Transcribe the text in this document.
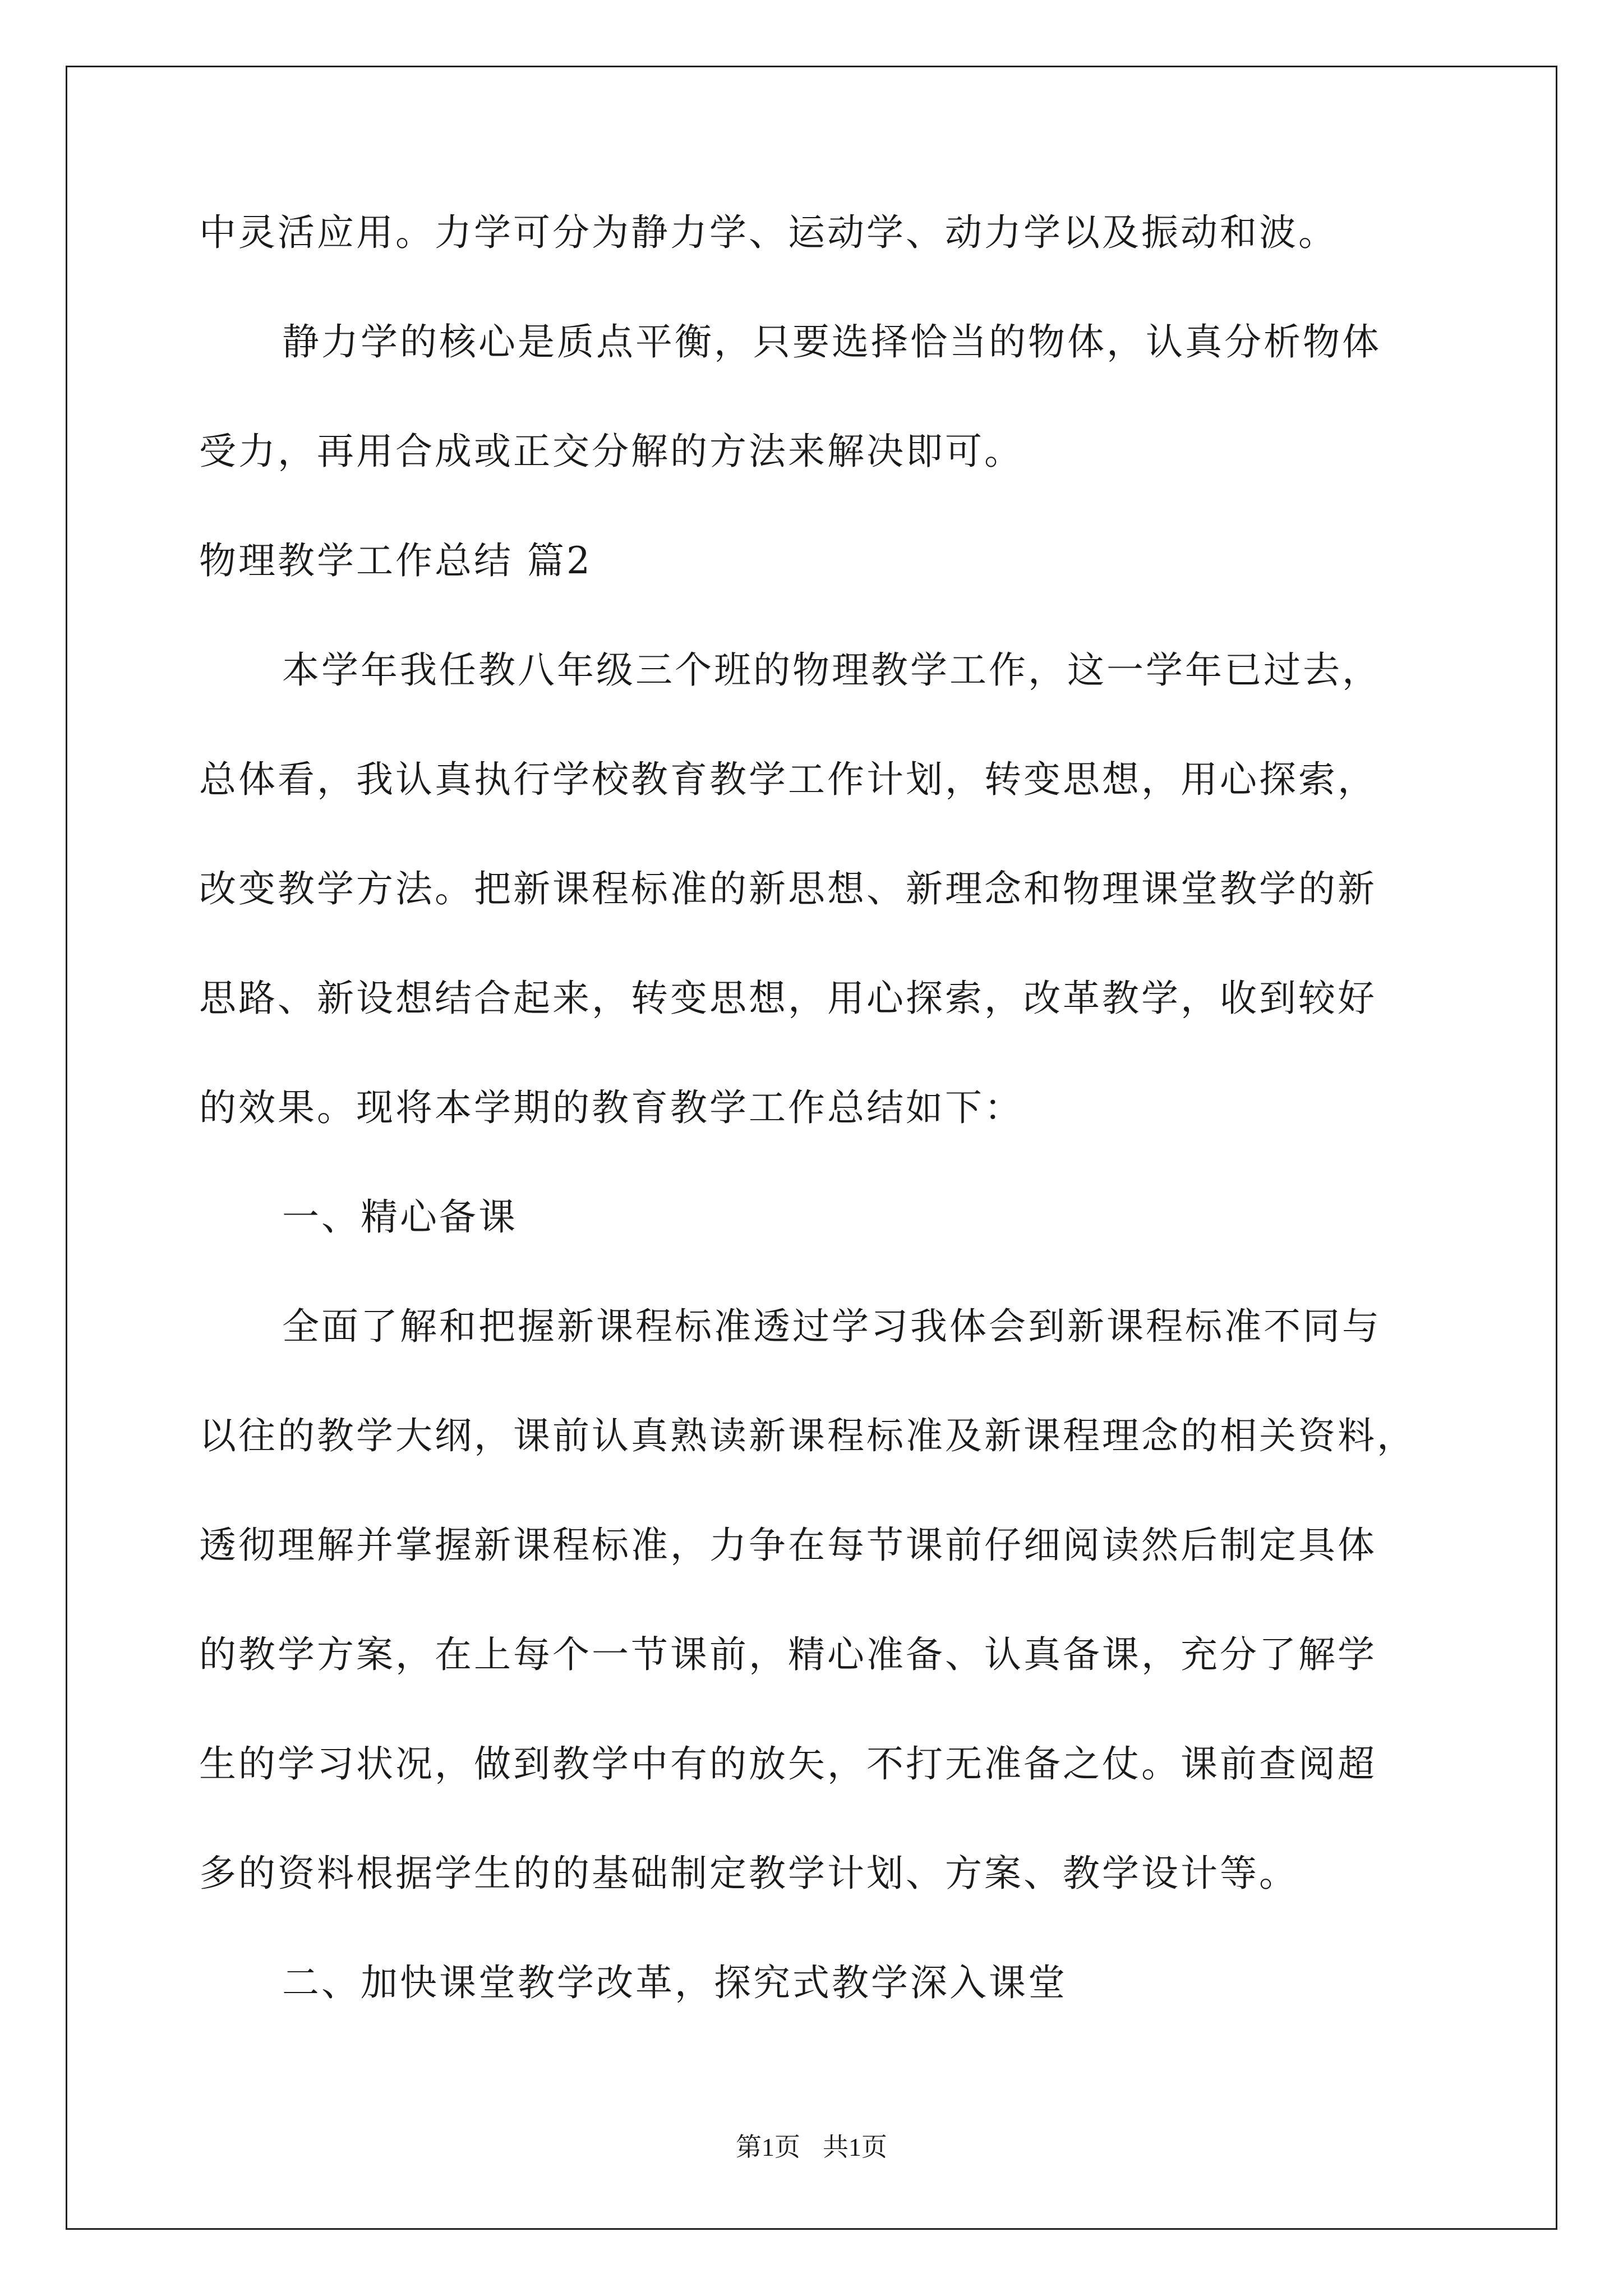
中灵活应用。力学可分为静力学、运动学、动力学以及振动和波。
静力学的核心是质点平衡，只要选择恰当的物体，认真分析物体
受力，再用合成或正交分解的方法来解决即可。
物理教学工作总结 篇2
本学年我任教八年级三个班的物理教学工作，这一学年已过去，
总体看，我认真执行学校教育教学工作计划，转变思想，用心探索，
改变教学方法。把新课程标准的新思想、新理念和物理课堂教学的新
思路、新设想结合起来，转变思想，用心探索，改革教学，收到较好
的效果。现将本学期的教育教学工作总结如下：
一、精心备课
全面了解和把握新课程标准透过学习我体会到新课程标准不同与
以往的教学大纲，课前认真熟读新课程标准及新课程理念的相关资料，
透彻理解并掌握新课程标准，力争在每节课前仔细阅读然后制定具体
的教学方案，在上每个一节课前，精心准备、认真备课，充分了解学
生的学习状况，做到教学中有的放矢，不打无准备之仗。课前查阅超
多的资料根据学生的的基础制定教学计划、方案、教学设计等。
二、加快课堂教学改革，探究式教学深入课堂
第1页 共1页
